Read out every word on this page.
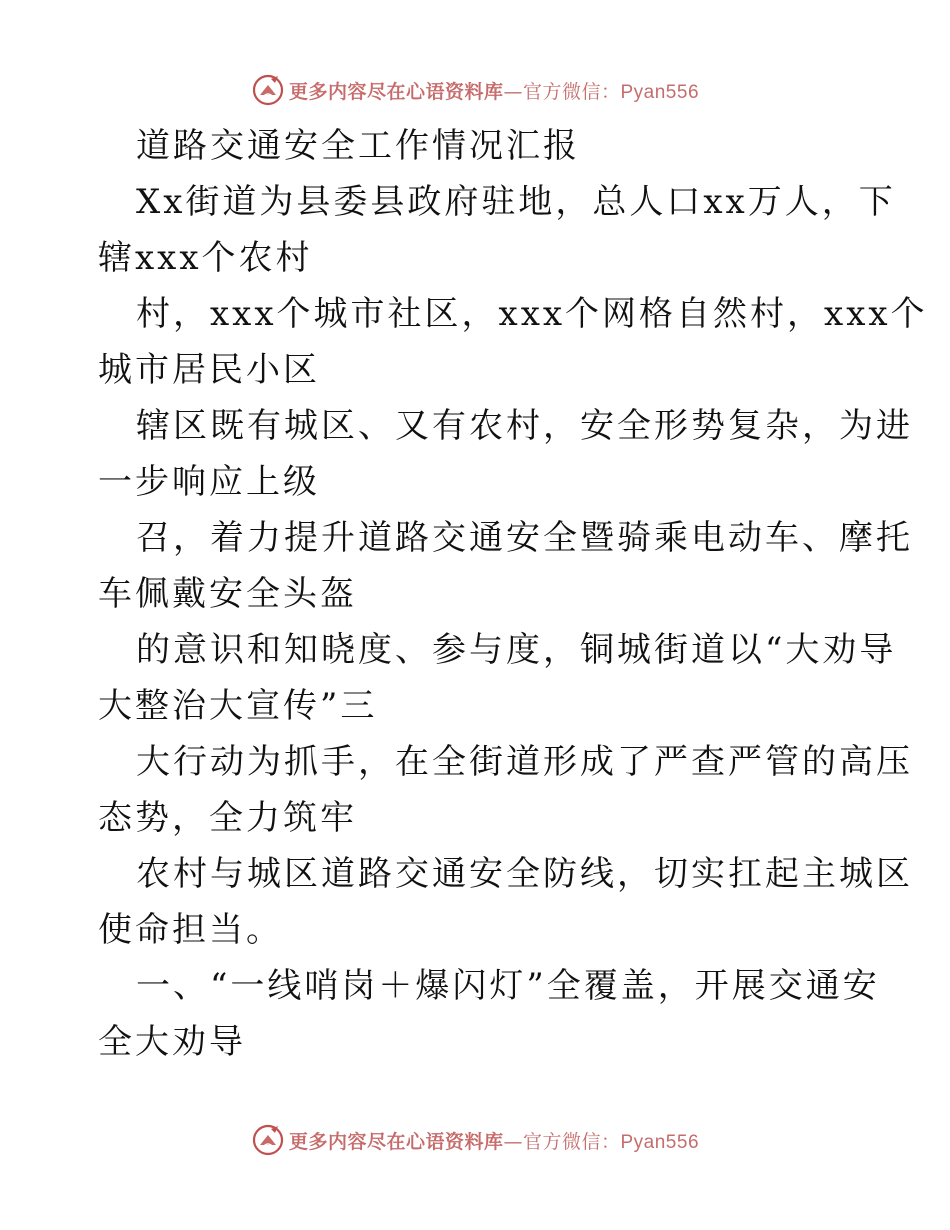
更多内容尽在心语资料库—官方微信：Pyan556
道路交通安全工作情况汇报
Xx街道为县委县政府驻地，总人口xx万人，下
辖xxx个农村
村，xxx个城市社区，xxx个网格自然村，xxx个
城市居民小区
辖区既有城区、又有农村，安全形势复杂，为进
一步响应上级
召，着力提升道路交通安全暨骑乘电动车、摩托
车佩戴安全头盔
的意识和知晓度、参与度，铜城街道以“大劝导
大整治大宣传”三
大行动为抓手，在全街道形成了严查严管的高压
态势，全力筑牢
农村与城区道路交通安全防线，切实扛起主城区
使命担当。
一、“一线哨岗＋爆闪灯”全覆盖，开展交通安
全大劝导
更多内容尽在心语资料库—官方微信：Pyan556
